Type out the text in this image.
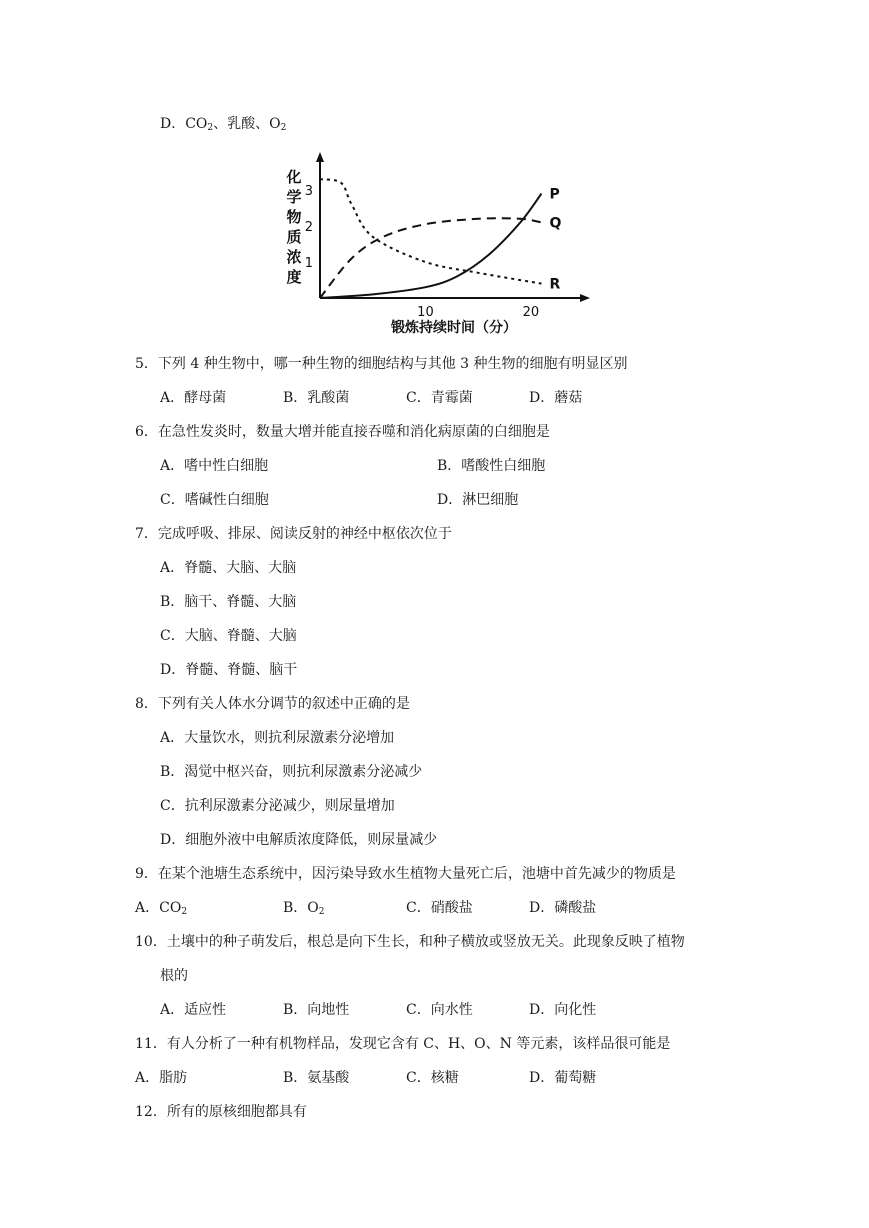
D．$CO_2$、乳酸、$O_2$
化
学
物
质
浓
度
1
2
3
10	20
P
Q
R
锻炼持续时间（分）
5．下列 4 种生物中，哪一种生物的细胞结构与其他 3 种生物的细胞有明显区别
A．酵母菌	B．乳酸菌	C．青霉菌	D．蘑菇
6．在急性发炎时，数量大增并能直接吞噬和消化病原菌的白细胞是
A．嗜中性白细胞	B．嗜酸性白细胞
C．嗜碱性白细胞	D．淋巴细胞
7．完成呼吸、排尿、阅读反射的神经中枢依次位于
A．脊髓、大脑、大脑
B．脑干、脊髓、大脑
C．大脑、脊髓、大脑
D．脊髓、脊髓、脑干
8．下列有关人体水分调节的叙述中正确的是
A．大量饮水，则抗利尿激素分泌增加
B．渴觉中枢兴奋，则抗利尿激素分泌减少
C．抗利尿激素分泌减少，则尿量增加
D．细胞外液中电解质浓度降低，则尿量减少
9．在某个池塘生态系统中，因污染导致水生植物大量死亡后，池塘中首先减少的物质是
A．$CO_2$	B．$O_2$	C．硝酸盐	D．磷酸盐
10．土壤中的种子萌发后，根总是向下生长，和种子横放或竖放无关。此现象反映了植物
根的
A．适应性	B．向地性	C．向水性	D．向化性
11．有人分析了一种有机物样品，发现它含有 C、H、O、N 等元素，该样品很可能是
A．脂肪	B．氨基酸	C．核糖	D．葡萄糖
12．所有的原核细胞都具有
